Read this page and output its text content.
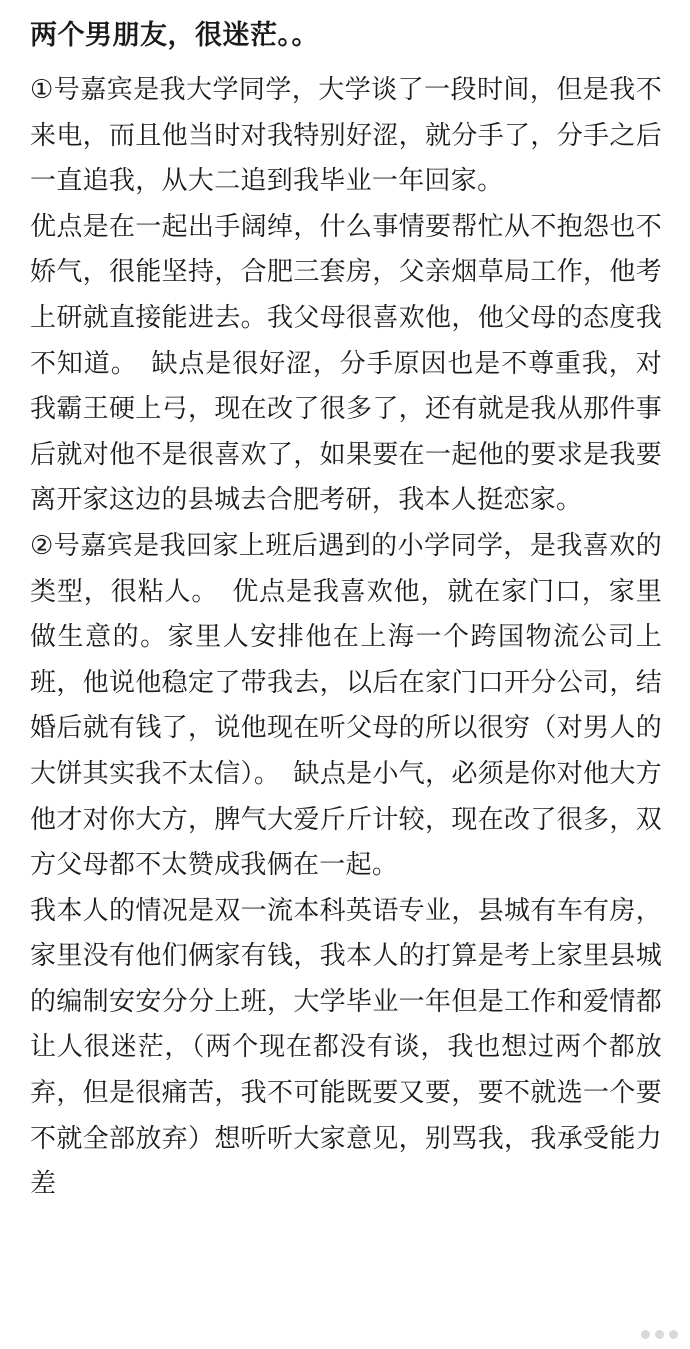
两个男朋友，很迷茫。。

①号嘉宾是我大学同学，大学谈了一段时间，但是我不来电，而且他当时对我特别好涩，就分手了，分手之后一直追我，从大二追到我毕业一年回家。

优点是在一起出手阔绰，什么事情要帮忙从不抱怨也不娇气，很能坚持，合肥三套房，父亲烟草局工作，他考上研就直接能进去。我父母很喜欢他，他父母的态度我不知道。　缺点是很好涩，分手原因也是不尊重我，对我霸王硬上弓，现在改了很多了，还有就是我从那件事后就对他不是很喜欢了，如果要在一起他的要求是我要离开家这边的县城去合肥考研，我本人挺恋家。

②号嘉宾是我回家上班后遇到的小学同学，是我喜欢的类型，很粘人。　优点是我喜欢他，就在家门口，家里做生意的。家里人安排他在上海一个跨国物流公司上班，他说他稳定了带我去，以后在家门口开分公司，结婚后就有钱了，说他现在听父母的所以很穷（对男人的大饼其实我不太信）。　缺点是小气，必须是你对他大方他才对你大方，脾气大爱斤斤计较，现在改了很多，双方父母都不太赞成我俩在一起。

我本人的情况是双一流本科英语专业，县城有车有房，家里没有他们俩家有钱，我本人的打算是考上家里县城的编制安安分分上班，大学毕业一年但是工作和爱情都让人很迷茫，（两个现在都没有谈，我也想过两个都放弃，但是很痛苦，我不可能既要又要，要不就选一个要不就全部放弃）想听听大家意见，别骂我，我承受能力差
